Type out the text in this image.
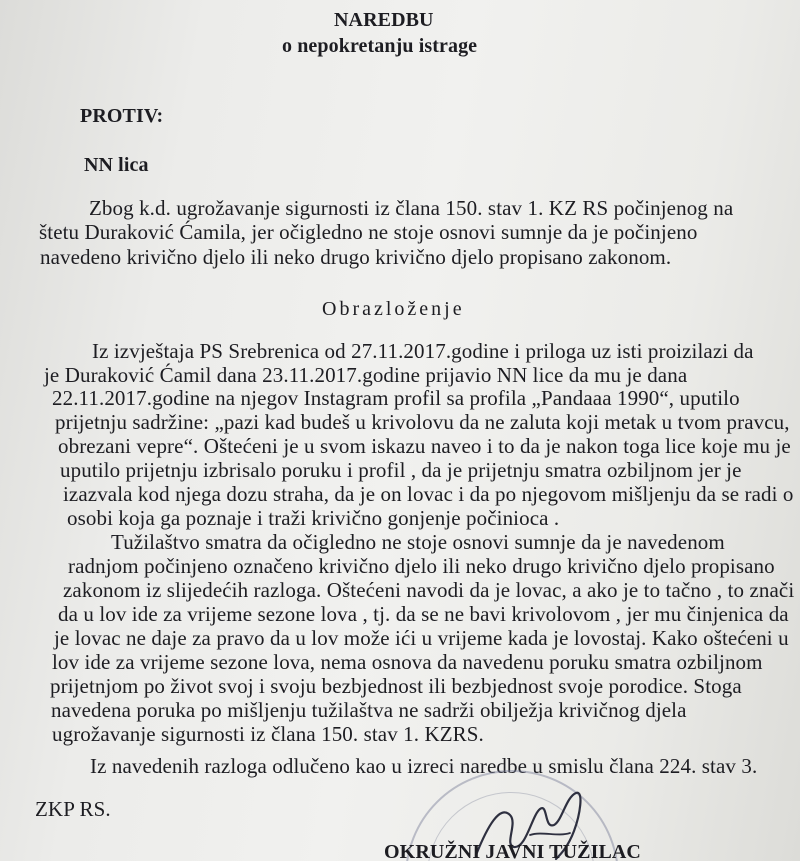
NAREDBU
o nepokretanju istrage
PROTIV:
NN lica
Zbog k.d. ugrožavanje sigurnosti iz člana 150. stav 1. KZ RS počinjenog na
štetu Duraković Ćamila, jer očigledno ne stoje osnovi sumnje da je počinjeno
navedeno krivično djelo ili neko drugo krivično djelo propisano zakonom.
Obrazloženje
Iz izvještaja PS Srebrenica od 27.11.2017.godine i priloga uz isti proizilazi da
je Duraković Ćamil dana 23.11.2017.godine prijavio NN lice da mu je dana
22.11.2017.godine na njegov Instagram profil sa profila „Pandaaa 1990“, uputilo
prijetnju sadržine: „pazi kad budeš u krivolovu da ne zaluta koji metak u tvom pravcu,
obrezani vepre“. Oštećeni je u svom iskazu naveo i to da je nakon toga lice koje mu je
uputilo prijetnju izbrisalo poruku i profil , da je prijetnju smatra ozbiljnom jer je
izazvala kod njega dozu straha, da je on lovac i da po njegovom mišljenju da se radi o
osobi koja ga poznaje i traži krivično gonjenje počinioca .
Tužilaštvo smatra da očigledno ne stoje osnovi sumnje da je navedenom
radnjom počinjeno označeno krivično djelo ili neko drugo krivično djelo propisano
zakonom iz slijedećih razloga. Oštećeni navodi da je lovac, a ako je to tačno , to znači
da u lov ide za vrijeme sezone lova , tj. da se ne bavi krivolovom , jer mu činjenica da
je lovac ne daje za pravo da u lov može ići u vrijeme kada je lovostaj. Kako oštećeni u
lov ide za vrijeme sezone lova, nema osnova da navedenu poruku smatra ozbiljnom
prijetnjom po život svoj i svoju bezbjednost ili bezbjednost svoje porodice. Stoga
navedena poruka po mišljenju tužilaštva ne sadrži obilježja krivičnog djela
ugrožavanje sigurnosti iz člana 150. stav 1. KZRS.
Iz navedenih razloga odlučeno kao u izreci naredbe u smislu člana 224. stav 3.
ZKP RS.
OKRUŽNI JAVNI TUŽILAC
